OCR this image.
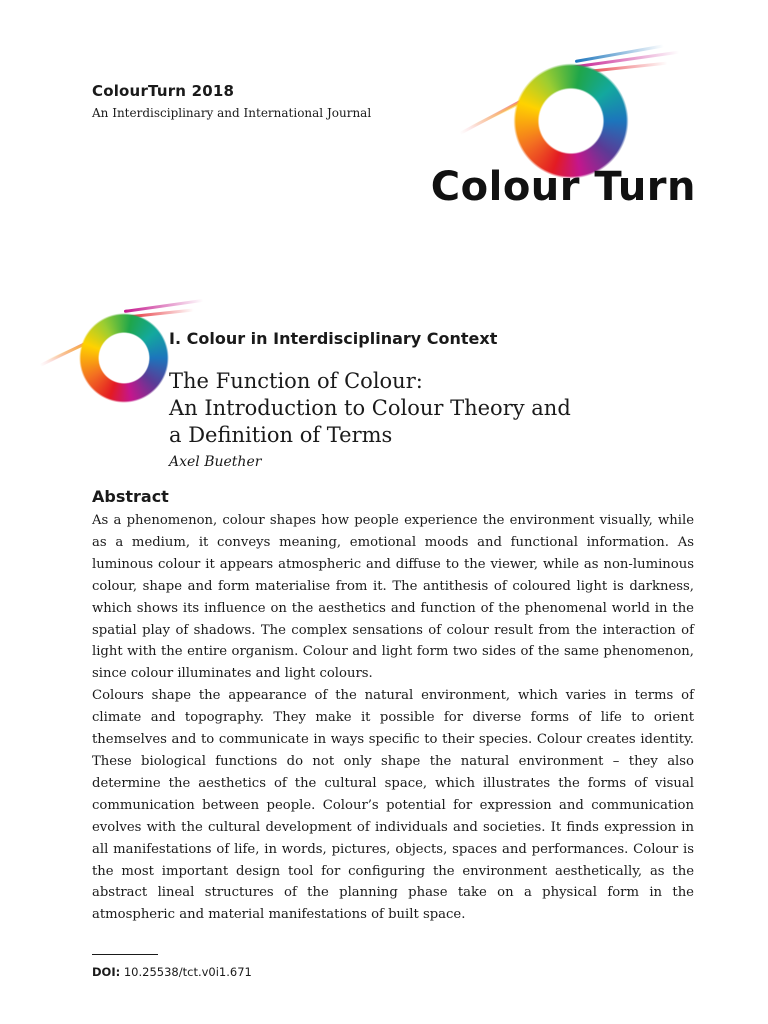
ColourTurn 2018
An Interdisciplinary and International Journal
Colour Turn
I. Colour in Interdisciplinary Context
The Function of Colour:
An Introduction to Colour Theory and
a Definition of Terms
Axel Buether
Abstract

As a phenomenon, colour shapes how people experience the environment visually, while as a medium, it conveys meaning, emotional moods and functional information. As luminous colour it appears atmospheric and diffuse to the viewer, while as non-luminous colour, shape and form materialise from it. The antithesis of coloured light is darkness, which shows its influence on the aesthetics and function of the phenomenal world in the spatial play of shadows. The complex sensations of colour result from the interaction of light with the entire organism. Colour and light form two sides of the same phenomenon, since colour illuminates and light colours.

Colours shape the appearance of the natural environment, which varies in terms of climate and topography. They make it possible for diverse forms of life to orient themselves and to communicate in ways specific to their species. Colour creates identity. These biological functions do not only shape the natural environment – they also determine the aesthetics of the cultural space, which illustrates the forms of visual communication between people. Colour’s potential for expression and communication evolves with the cultural development of individuals and societies. It finds expression in all manifestations of life, in words, pictures, objects, spaces and performances. Colour is the most important design tool for configuring the environment aesthetically, as the abstract lineal structures of the planning phase take on a physical form in the atmospheric and material manifestations of built space.

DOI: 10.25538/tct.v0i1.671
